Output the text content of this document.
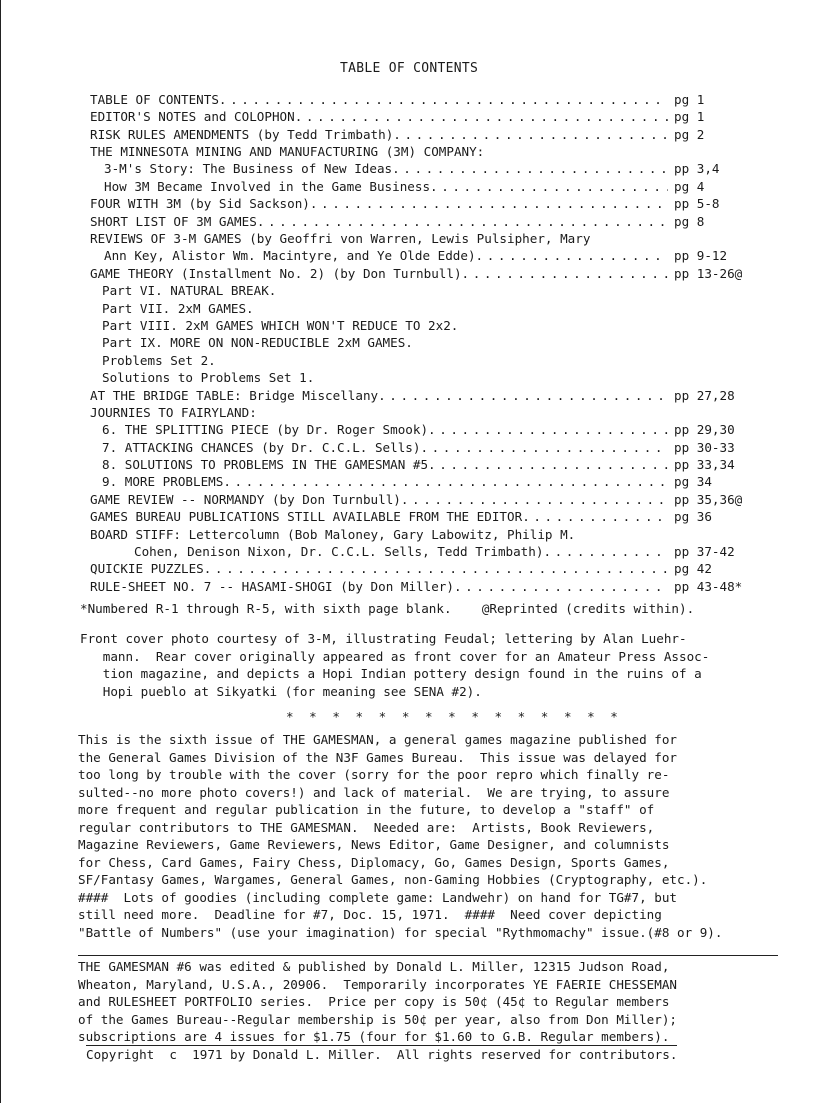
TABLE OF CONTENTS
TABLE OF CONTENTS . . .	pg 1
EDITOR'S NOTES and COLOPHON . . .	pg 1
RISK RULES AMENDMENTS (by Tedd Trimbath) . . .	pg 2
THE MINNESOTA MINING AND MANUFACTURING (3M) COMPANY:
3-M's Story: The Business of New Ideas . . .	pp 3,4
How 3M Became Involved in the Game Business . . .	pg 4
FOUR WITH 3M (by Sid Sackson) . . .	pp 5-8
SHORT LIST OF 3M GAMES . . .	pg 8
REVIEWS OF 3-M GAMES (by Geoffri von Warren, Lewis Pulsipher, Mary
Ann Key, Alistor Wm. Macintyre, and Ye Olde Edde) . . .	pp 9-12
GAME THEORY (Installment No. 2) (by Don Turnbull) . . .	pp 13-26@
Part VI. NATURAL BREAK.
Part VII. 2xM GAMES.
Part VIII. 2xM GAMES WHICH WON'T REDUCE TO 2x2.
Part IX. MORE ON NON-REDUCIBLE 2xM GAMES.
Problems Set 2.
Solutions to Problems Set 1.
AT THE BRIDGE TABLE: Bridge Miscellany . . .	pp 27,28
JOURNIES TO FAIRYLAND:
6. THE SPLITTING PIECE (by Dr. Roger Smook) . . .	pp 29,30
7. ATTACKING CHANCES (by Dr. C.C.L. Sells) . . .	pp 30-33
8. SOLUTIONS TO PROBLEMS IN THE GAMESMAN #5 . . .	pp 33,34
9. MORE PROBLEMS . . .	pg 34
GAME REVIEW -- NORMANDY (by Don Turnbull) . . .	pp 35,36@
GAMES BUREAU PUBLICATIONS STILL AVAILABLE FROM THE EDITOR . . .	pg 36
BOARD STIFF: Lettercolumn (Bob Maloney, Gary Labowitz, Philip M.
Cohen, Denison Nixon, Dr. C.C.L. Sells, Tedd Trimbath) . . .	pp 37-42
QUICKIE PUZZLES . . .	pg 42
RULE-SHEET NO. 7 -- HASAMI-SHOGI (by Don Miller) . . .	pp 43-48*
*Numbered R-1 through R-5, with sixth page blank.    @Reprinted (credits within).
Front cover photo courtesy of 3-M, illustrating Feudal; lettering by Alan Luehr-
mann.  Rear cover originally appeared as front cover for an Amateur Press Assoc-
tion magazine, and depicts a Hopi Indian pottery design found in the ruins of a
Hopi pueblo at Sikyatki (for meaning see SENA #2).
* * * * * * * * * * * * * * *
This is the sixth issue of THE GAMESMAN, a general games magazine published for
the General Games Division of the N3F Games Bureau.  This issue was delayed for
too long by trouble with the cover (sorry for the poor repro which finally re-
sulted--no more photo covers!) and lack of material.  We are trying, to assure
more frequent and regular publication in the future, to develop a "staff" of
regular contributors to THE GAMESMAN.  Needed are:  Artists, Book Reviewers,
Magazine Reviewers, Game Reviewers, News Editor, Game Designer, and columnists
for Chess, Card Games, Fairy Chess, Diplomacy, Go, Games Design, Sports Games,
SF/Fantasy Games, Wargames, General Games, non-Gaming Hobbies (Cryptography, etc.).
####  Lots of goodies (including complete game: Landwehr) on hand for TG#7, but
still need more.  Deadline for #7, Doc. 15, 1971.  ####  Need cover depicting
"Battle of Numbers" (use your imagination) for special "Rythmomachy" issue.(#8 or 9).
THE GAMESMAN #6 was edited & published by Donald L. Miller, 12315 Judson Road,
Wheaton, Maryland, U.S.A., 20906.  Temporarily incorporates YE FAERIE CHESSEMAN
and RULESHEET PORTFOLIO series.  Price per copy is 50¢ (45¢ to Regular members
of the Games Bureau--Regular membership is 50¢ per year, also from Don Miller);
subscriptions are 4 issues for $1.75 (four for $1.60 to G.B. Regular members).
Copyright  c  1971 by Donald L. Miller.  All rights reserved for contributors.
